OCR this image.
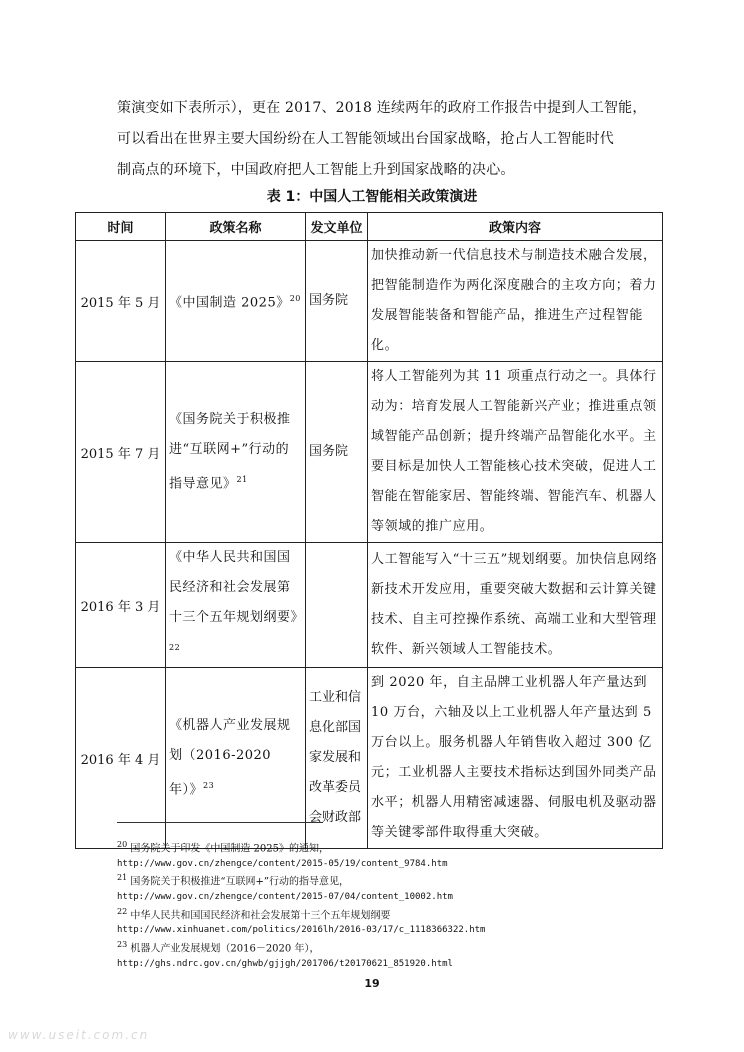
策演变如下表所示），更在 2017、2018 连续两年的政府工作报告中提到人工智能，
可以看出在世界主要大国纷纷在人工智能领域出台国家战略，抢占人工智能时代
制高点的环境下，中国政府把人工智能上升到国家战略的决心。
表 1：中国人工智能相关政策演进
时间	政策名称	发文单位	政策内容
2015 年 5 月	《中国制造 2025》$^{20}$	国务院	加快推动新一代信息技术与制造技术融合发展，把智能制造作为两化深度融合的主攻方向；着力发展智能装备和智能产品，推进生产过程智能化。
2015 年 7 月	《国务院关于积极推进“互联网+”行动的指导意见》$^{21}$	国务院	将人工智能列为其 11 项重点行动之一。具体行动为：培育发展人工智能新兴产业；推进重点领域智能产品创新；提升终端产品智能化水平。主要目标是加快人工智能核心技术突破，促进人工智能在智能家居、智能终端、智能汽车、机器人等领域的推广应用。
2016 年 3 月	《中华人民共和国国民经济和社会发展第十三个五年规划纲要》$^{22}$		人工智能写入“十三五”规划纲要。加快信息网络新技术开发应用，重要突破大数据和云计算关键技术、自主可控操作系统、高端工业和大型管理软件、新兴领域人工智能技术。
2016 年 4 月	《机器人产业发展规划（2016-2020 年）》$^{23}$	工业和信息化部国家发展和改革委员会财政部	到 2020 年，自主品牌工业机器人年产量达到 10 万台，六轴及以上工业机器人年产量达到 5 万台以上。服务机器人年销售收入超过 300 亿元；工业机器人主要技术指标达到国外同类产品水平；机器人用精密减速器、伺服电机及驱动器等关键零部件取得重大突破。
$^{20}$ 国务院关于印发《中国制造 2025》的通知，
http://www.gov.cn/zhengce/content/2015-05/19/content_9784.htm
$^{21}$ 国务院关于积极推进“互联网+”行动的指导意见，
http://www.gov.cn/zhengce/content/2015-07/04/content_10002.htm
$^{22}$ 中华人民共和国国民经济和社会发展第十三个五年规划纲要
http://www.xinhuanet.com/politics/2016lh/2016-03/17/c_1118366322.htm
$^{23}$ 机器人产业发展规划（2016－2020 年），
http://ghs.ndrc.gov.cn/ghwb/gjjgh/201706/t20170621_851920.html
19
www.useit.com.cn
